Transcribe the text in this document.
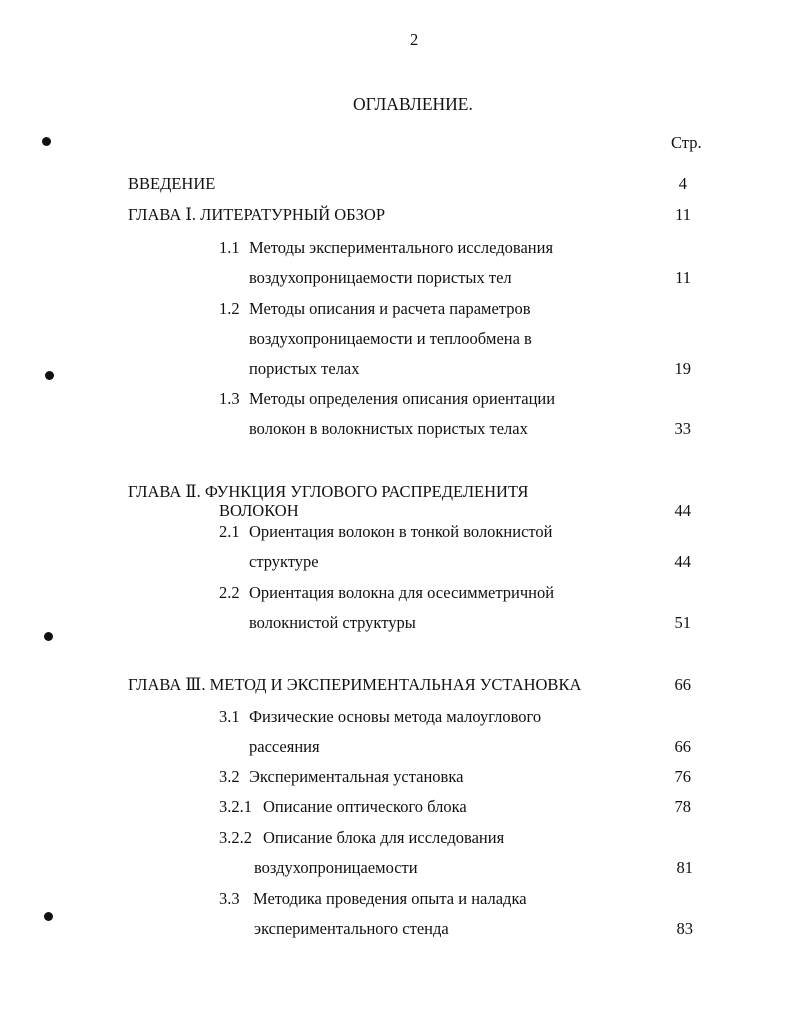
2
ОГЛАВЛЕНИЕ.
Стр.
ВВЕДЕНИЕ	4
ГЛАВА Ⅰ. ЛИТЕРАТУРНЫЙ ОБЗОР	11
1.1 Методы экспериментального исследования
воздухопроницаемости пористых тел	11
1.2 Методы описания и расчета параметров
воздухопроницаемости и теплообмена в
пористых телах	19
1.3 Методы определения описания ориентации
волокон в волокнистых пористых телах	33
ГЛАВА Ⅱ. ФУНКЦИЯ УГЛОВОГО РАСПРЕДЕЛЕНИТЯ
ВОЛОКОН	44
2.1 Ориентация волокон в тонкой волокнистой
структуре	44
2.2 Ориентация волокна для осесимметричной
волокнистой структуры	51
ГЛАВА Ⅲ. МЕТОД И ЭКСПЕРИМЕНТАЛЬНАЯ УСТАНОВКА	66
3.1 Физические основы метода малоуглового
рассеяния	66
3.2 Экспериментальная установка	76
3.2.1 Описание оптического блока	78
3.2.2 Описание блока для исследования
воздухопроницаемости	81
3.3 Методика проведения опыта и наладка
экспериментального стенда	83
